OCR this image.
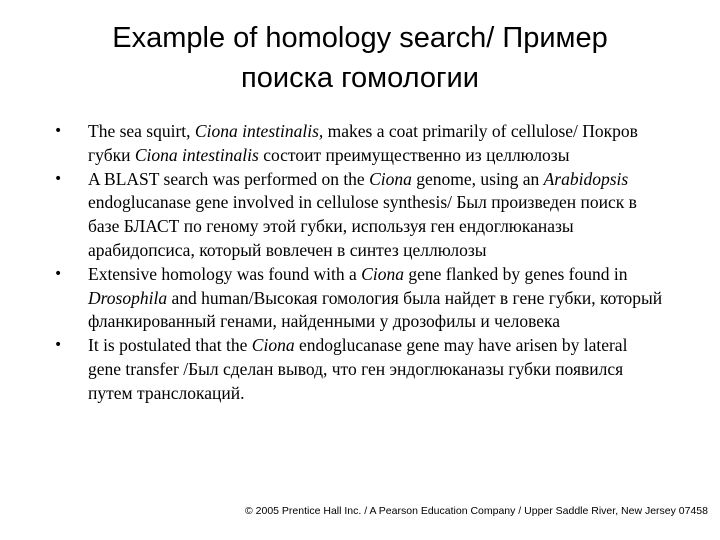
Example of homology search/ Пример
поиска гомологии
• The sea squirt, Ciona intestinalis, makes a coat primarily of cellulose/ Покров губки Ciona intestinalis состоит преимущественно из целлюлозы
• A BLAST search was performed on the Ciona genome, using an Arabidopsis endoglucanase gene involved in cellulose synthesis/ Был произведен поиск в базе БЛАСТ по геному этой губки, используя ген ендоглюканазы арабидопсиса, который вовлечен в синтез целлюлозы
• Extensive homology was found with a Ciona gene flanked by genes found in Drosophila and human/Высокая гомология была найдет в гене губки, который фланкированный генами, найденными у дрозофилы и человека
• It is postulated that the Ciona endoglucanase gene may have arisen by lateral gene transfer /Был сделан вывод, что ген эндоглюканазы губки появился путем транслокаций.
© 2005 Prentice Hall Inc. / A Pearson Education Company / Upper Saddle River, New Jersey 07458
